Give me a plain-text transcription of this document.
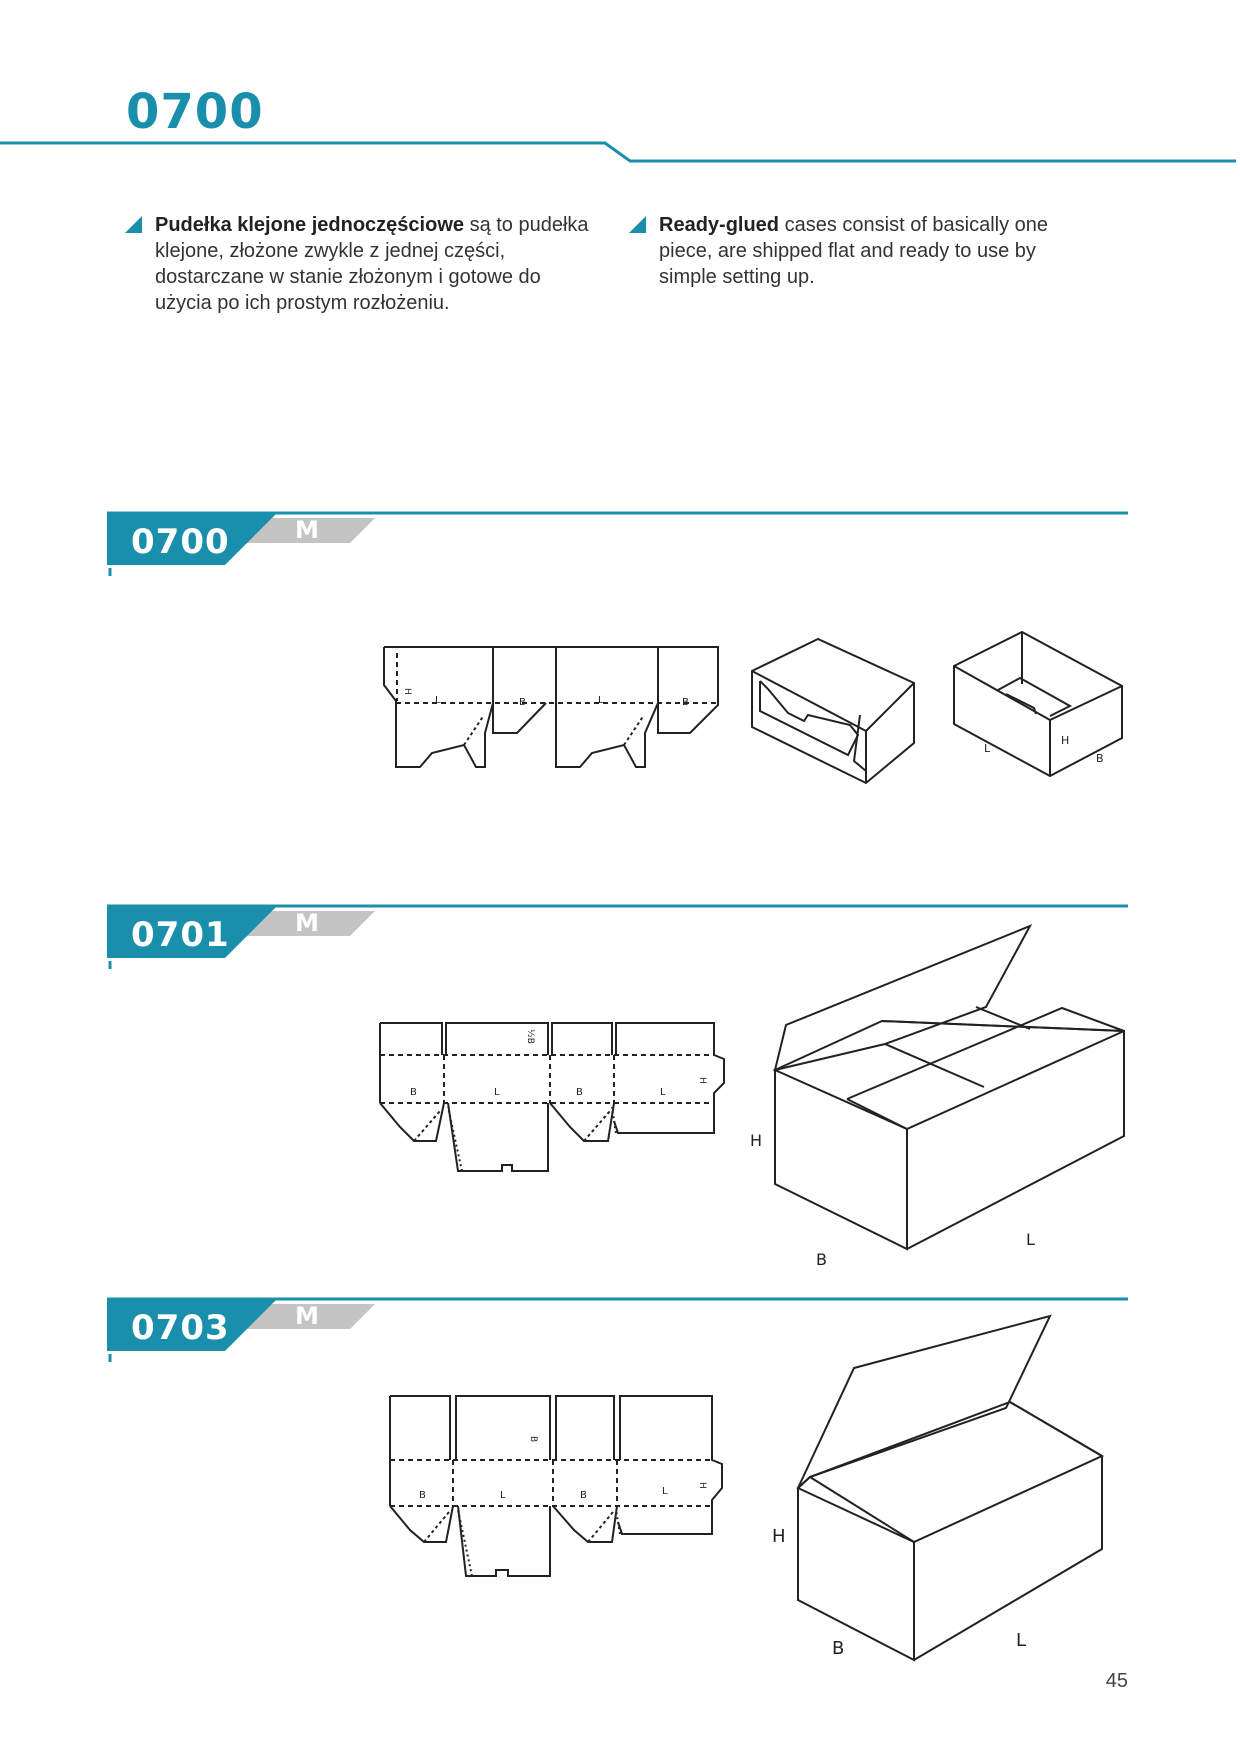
0700
Pudełka klejone jednoczęściowe są to pudełka klejone, złożone zwykle z jednej części, dostarczane w stanie złożonym i gotowe do użycia po ich prostym rozłożeniu.
Ready-glued cases consist of basically one piece, are shipped flat and ready to use by simple setting up.
0700	M
H
L	B	L	B
L
H
B
0701	M
½B
B	L	B	L
H
H
B
L
0703	M
B
B	L	B	L
H
H
B	L
45
